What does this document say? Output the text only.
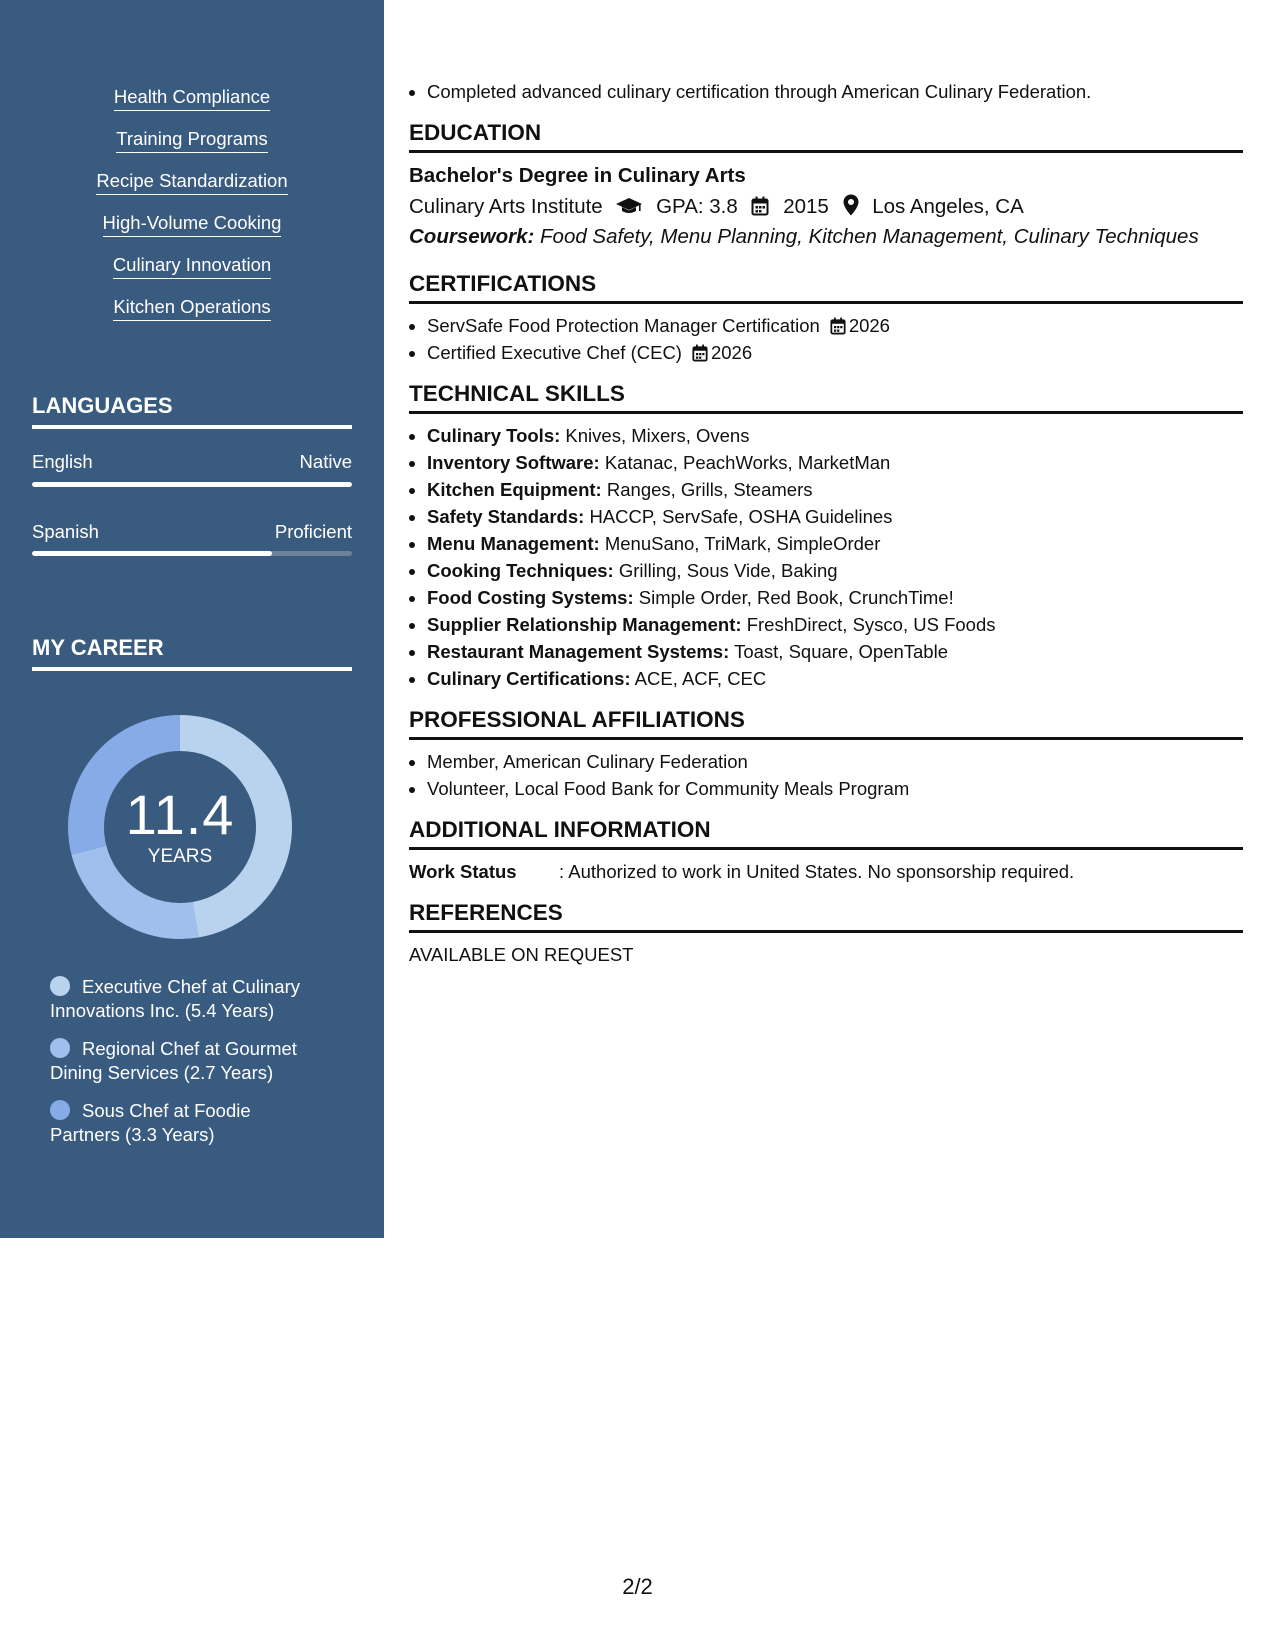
Health Compliance
Training Programs
Recipe Standardization
High-Volume Cooking
Culinary Innovation
Kitchen Operations
LANGUAGES
English	Native
Spanish	Proficient
MY CAREER
11.4
YEARS
Executive Chef at Culinary Innovations Inc. (5.4 Years)
Regional Chef at Gourmet Dining Services (2.7 Years)
Sous Chef at Foodie Partners (3.3 Years)
• Completed advanced culinary certification through American Culinary Federation.
EDUCATION
Bachelor's Degree in Culinary Arts
Culinary Arts Institute	GPA: 3.8 2015 Los Angeles, CA
Coursework: Food Safety, Menu Planning, Kitchen Management, Culinary Techniques
CERTIFICATIONS
• ServSafe Food Protection Manager Certification 2026
• Certified Executive Chef (CEC) 2026
TECHNICAL SKILLS
• Culinary Tools: Knives, Mixers, Ovens
• Inventory Software: Katanac, PeachWorks, MarketMan
• Kitchen Equipment: Ranges, Grills, Steamers
• Safety Standards: HACCP, ServSafe, OSHA Guidelines
• Menu Management: MenuSano, TriMark, SimpleOrder
• Cooking Techniques: Grilling, Sous Vide, Baking
• Food Costing Systems: Simple Order, Red Book, CrunchTime!
• Supplier Relationship Management: FreshDirect, Sysco, US Foods
• Restaurant Management Systems: Toast, Square, OpenTable
• Culinary Certifications: ACE, ACF, CEC
PROFESSIONAL AFFILIATIONS
• Member, American Culinary Federation
• Volunteer, Local Food Bank for Community Meals Program
ADDITIONAL INFORMATION
Work Status : Authorized to work in United States. No sponsorship required.
REFERENCES
AVAILABLE ON REQUEST
2/2
